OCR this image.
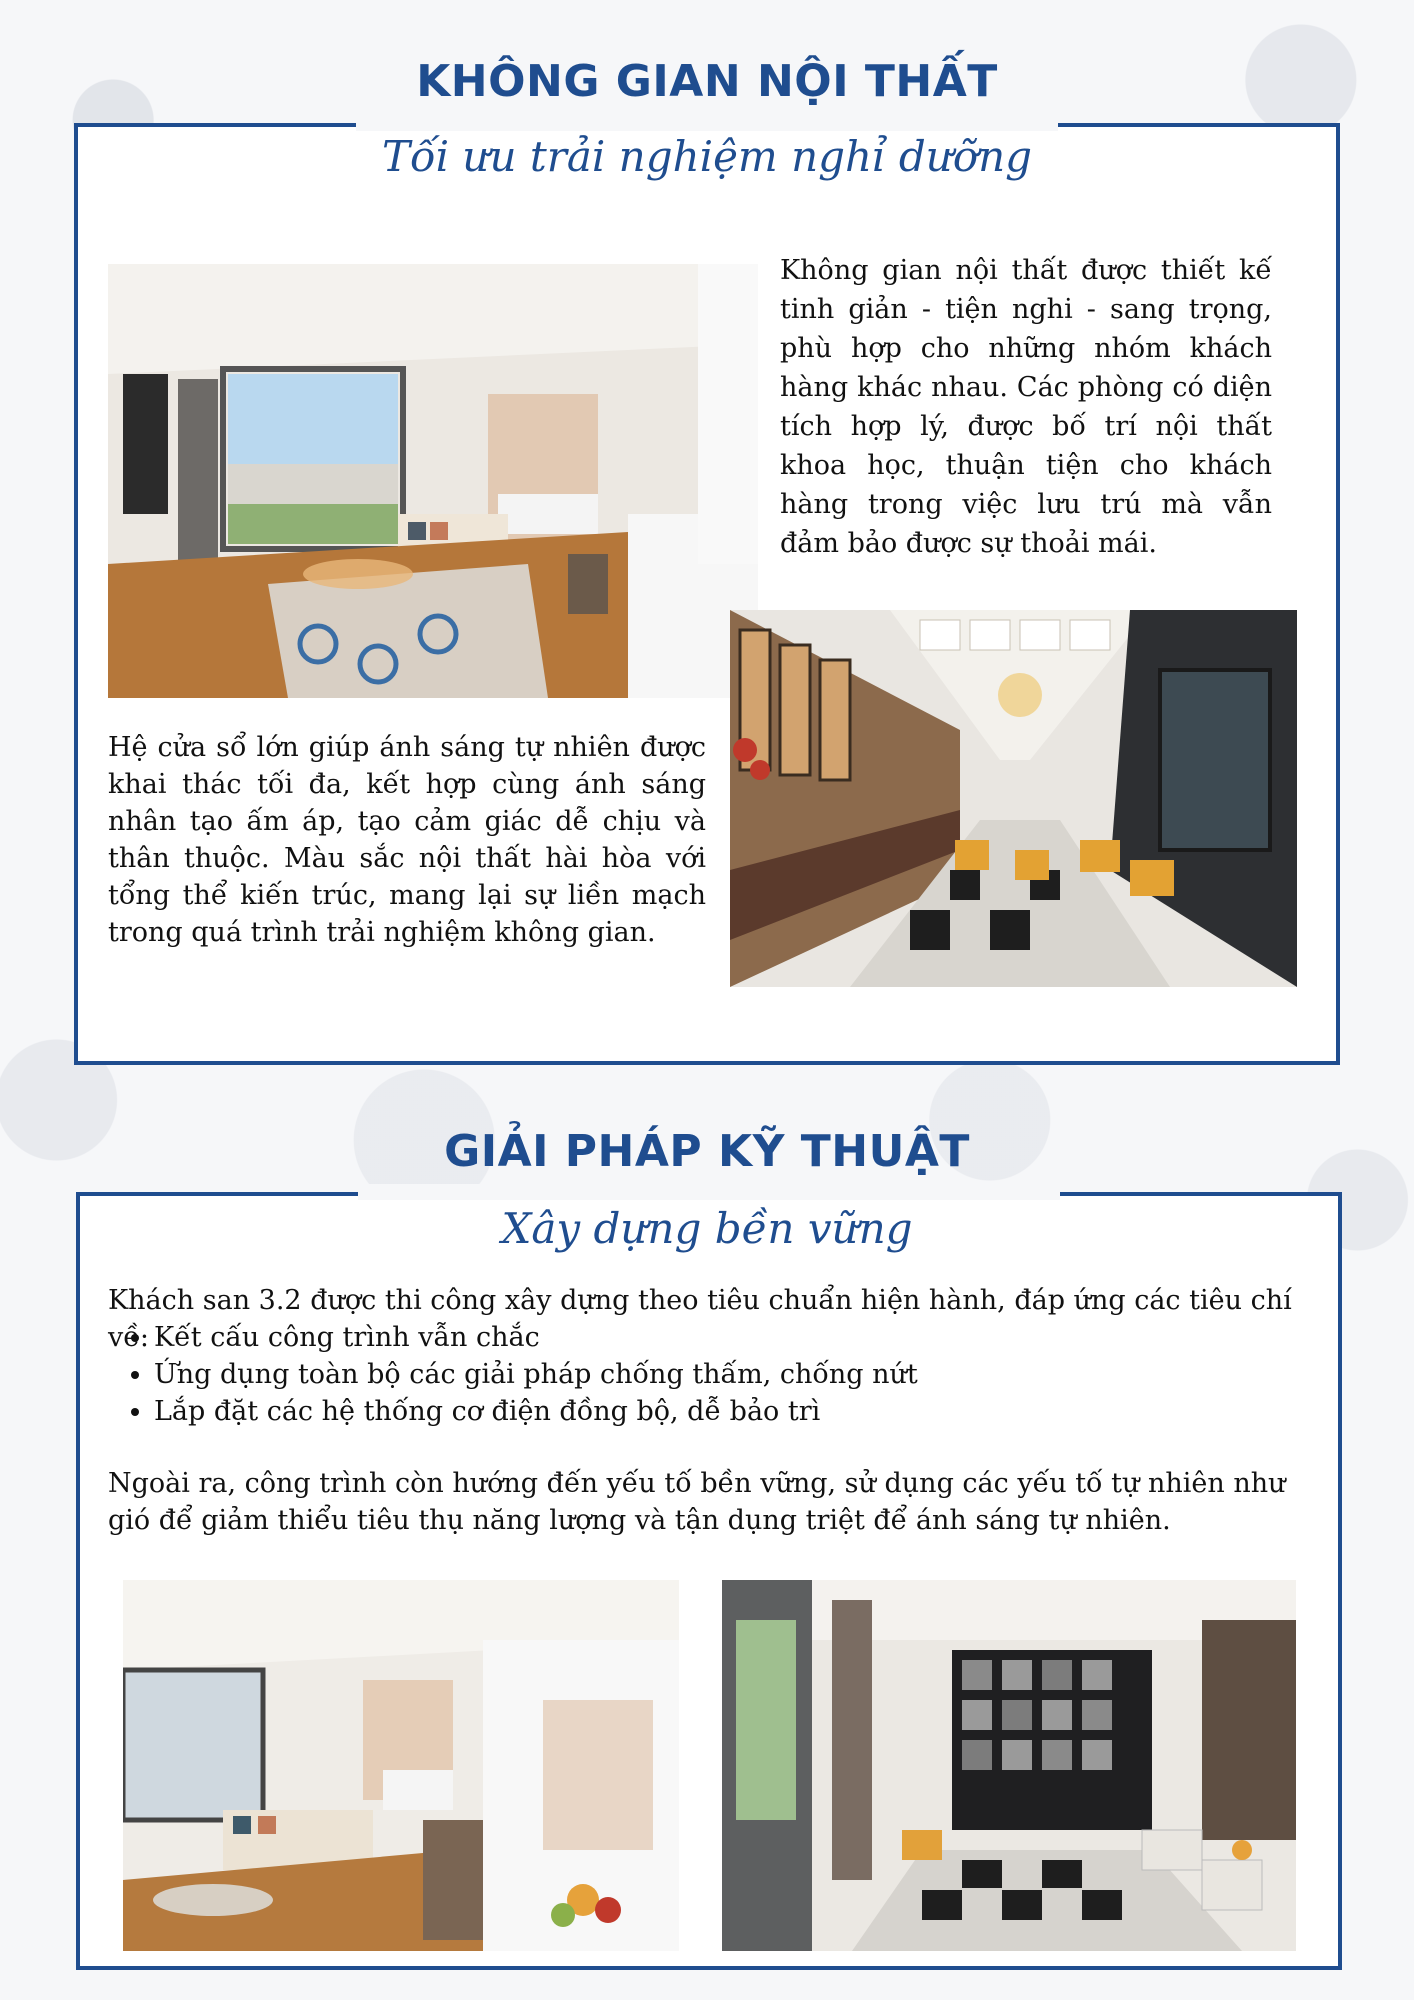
KHÔNG GIAN NỘI THẤT
Tối ưu trải nghiệm nghỉ dưỡng

Không gian nội thất được thiết kế tinh giản - tiện nghi - sang trọng, phù hợp cho những nhóm khách hàng khác nhau. Các phòng có diện tích hợp lý, được bố trí nội thất khoa học, thuận tiện cho khách hàng trong việc lưu trú mà vẫn đảm bảo được sự thoải mái.

Hệ cửa sổ lớn giúp ánh sáng tự nhiên được khai thác tối đa, kết hợp cùng ánh sáng nhân tạo ấm áp, tạo cảm giác dễ chịu và thân thuộc. Màu sắc nội thất hài hòa với tổng thể kiến trúc, mang lại sự liền mạch trong quá trình trải nghiệm không gian.

GIẢI PHÁP KỸ THUẬT
Xây dựng bền vững

Khách san 3.2 được thi công xây dựng theo tiêu chuẩn hiện hành, đáp ứng các tiêu chí về:

• Kết cấu công trình vẫn chắc
• Ứng dụng toàn bộ các giải pháp chống thấm, chống nứt
• Lắp đặt các hệ thống cơ điện đồng bộ, dễ bảo trì

Ngoài ra, công trình còn hướng đến yếu tố bền vững, sử dụng các yếu tố tự nhiên như gió để giảm thiểu tiêu thụ năng lượng và tận dụng triệt để ánh sáng tự nhiên.
